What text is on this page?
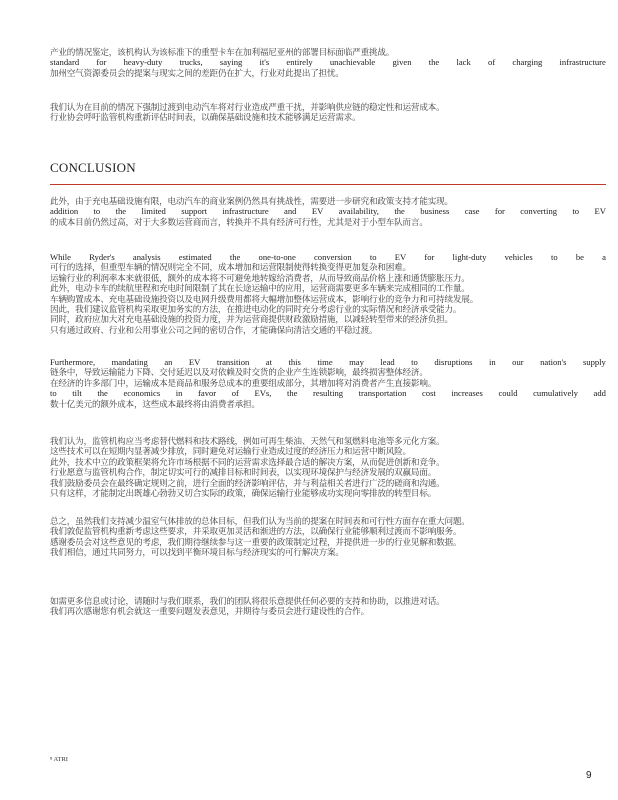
产业的情况鉴定，该机构认为该标准下的重型卡车在加利福尼亚州的部署目标面临严重挑战。
standard for heavy-duty trucks, saying it's entirely unachievable given the lack of charging infrastructure
加州空气资源委员会的提案与现实之间的差距仍在扩大，行业对此提出了担忧。
我们认为在目前的情况下强制过渡到电动汽车将对行业造成严重干扰，并影响供应链的稳定性和运营成本。
行业协会呼吁监管机构重新评估时间表，以确保基础设施和技术能够满足运营需求。
CONCLUSION
此外，由于充电基础设施有限，电动汽车的商业案例仍然具有挑战性，需要进一步研究和政策支持才能实现。
addition to the limited support infrastructure and EV availability, the business case for converting to EV
的成本目前仍然过高，对于大多数运营商而言，转换并不具有经济可行性，尤其是对于小型车队而言。
While Ryder's analysis estimated the one-to-one conversion to EV for light-duty vehicles to be a
可行的选择，但重型车辆的情况则完全不同，成本增加和运营限制使得转换变得更加复杂和困难。
运输行业的利润率本来就很低，额外的成本将不可避免地转嫁给消费者，从而导致商品价格上涨和通货膨胀压力。
此外，电动卡车的续航里程和充电时间限制了其在长途运输中的应用，运营商需要更多车辆来完成相同的工作量。
车辆购置成本、充电基础设施投资以及电网升级费用都将大幅增加整体运营成本，影响行业的竞争力和可持续发展。
因此，我们建议监管机构采取更加务实的方法，在推进电动化的同时充分考虑行业的实际情况和经济承受能力。
同时，政府应加大对充电基础设施的投资力度，并为运营商提供财政激励措施，以减轻转型带来的经济负担。
只有通过政府、行业和公用事业公司之间的密切合作，才能确保向清洁交通的平稳过渡。
Furthermore, mandating an EV transition at this time may lead to disruptions in our nation's supply
链条中，导致运输能力下降、交付延迟以及对依赖及时交货的企业产生连锁影响，最终损害整体经济。
在经济的许多部门中，运输成本是商品和服务总成本的重要组成部分，其增加将对消费者产生直接影响。
to tilt the economics in favor of EVs, the resulting transportation cost increases could cumulatively add
数十亿美元的额外成本，这些成本最终将由消费者承担。
我们认为，监管机构应当考虑替代燃料和技术路线，例如可再生柴油、天然气和氢燃料电池等多元化方案。
这些技术可以在短期内显著减少排放，同时避免对运输行业造成过度的经济压力和运营中断风险。
此外，技术中立的政策框架将允许市场根据不同的运营需求选择最合适的解决方案，从而促进创新和竞争。
行业愿意与监管机构合作，制定切实可行的减排目标和时间表，以实现环境保护与经济发展的双赢局面。
我们鼓励委员会在最终确定规则之前，进行全面的经济影响评估，并与利益相关者进行广泛的磋商和沟通。
只有这样，才能制定出既雄心勃勃又切合实际的政策，确保运输行业能够成功实现向零排放的转型目标。
总之，虽然我们支持减少温室气体排放的总体目标，但我们认为当前的提案在时间表和可行性方面存在重大问题。
我们敦促监管机构重新考虑这些要求，并采取更加灵活和渐进的方法，以确保行业能够顺利过渡而不影响服务。
感谢委员会对这些意见的考虑，我们期待继续参与这一重要的政策制定过程，并提供进一步的行业见解和数据。
我们相信，通过共同努力，可以找到平衡环境目标与经济现实的可行解决方案。
如需更多信息或讨论，请随时与我们联系，我们的团队将很乐意提供任何必要的支持和协助，以推进对话。
我们再次感谢您有机会就这一重要问题发表意见，并期待与委员会进行建设性的合作。
⁸ ATRI
9
